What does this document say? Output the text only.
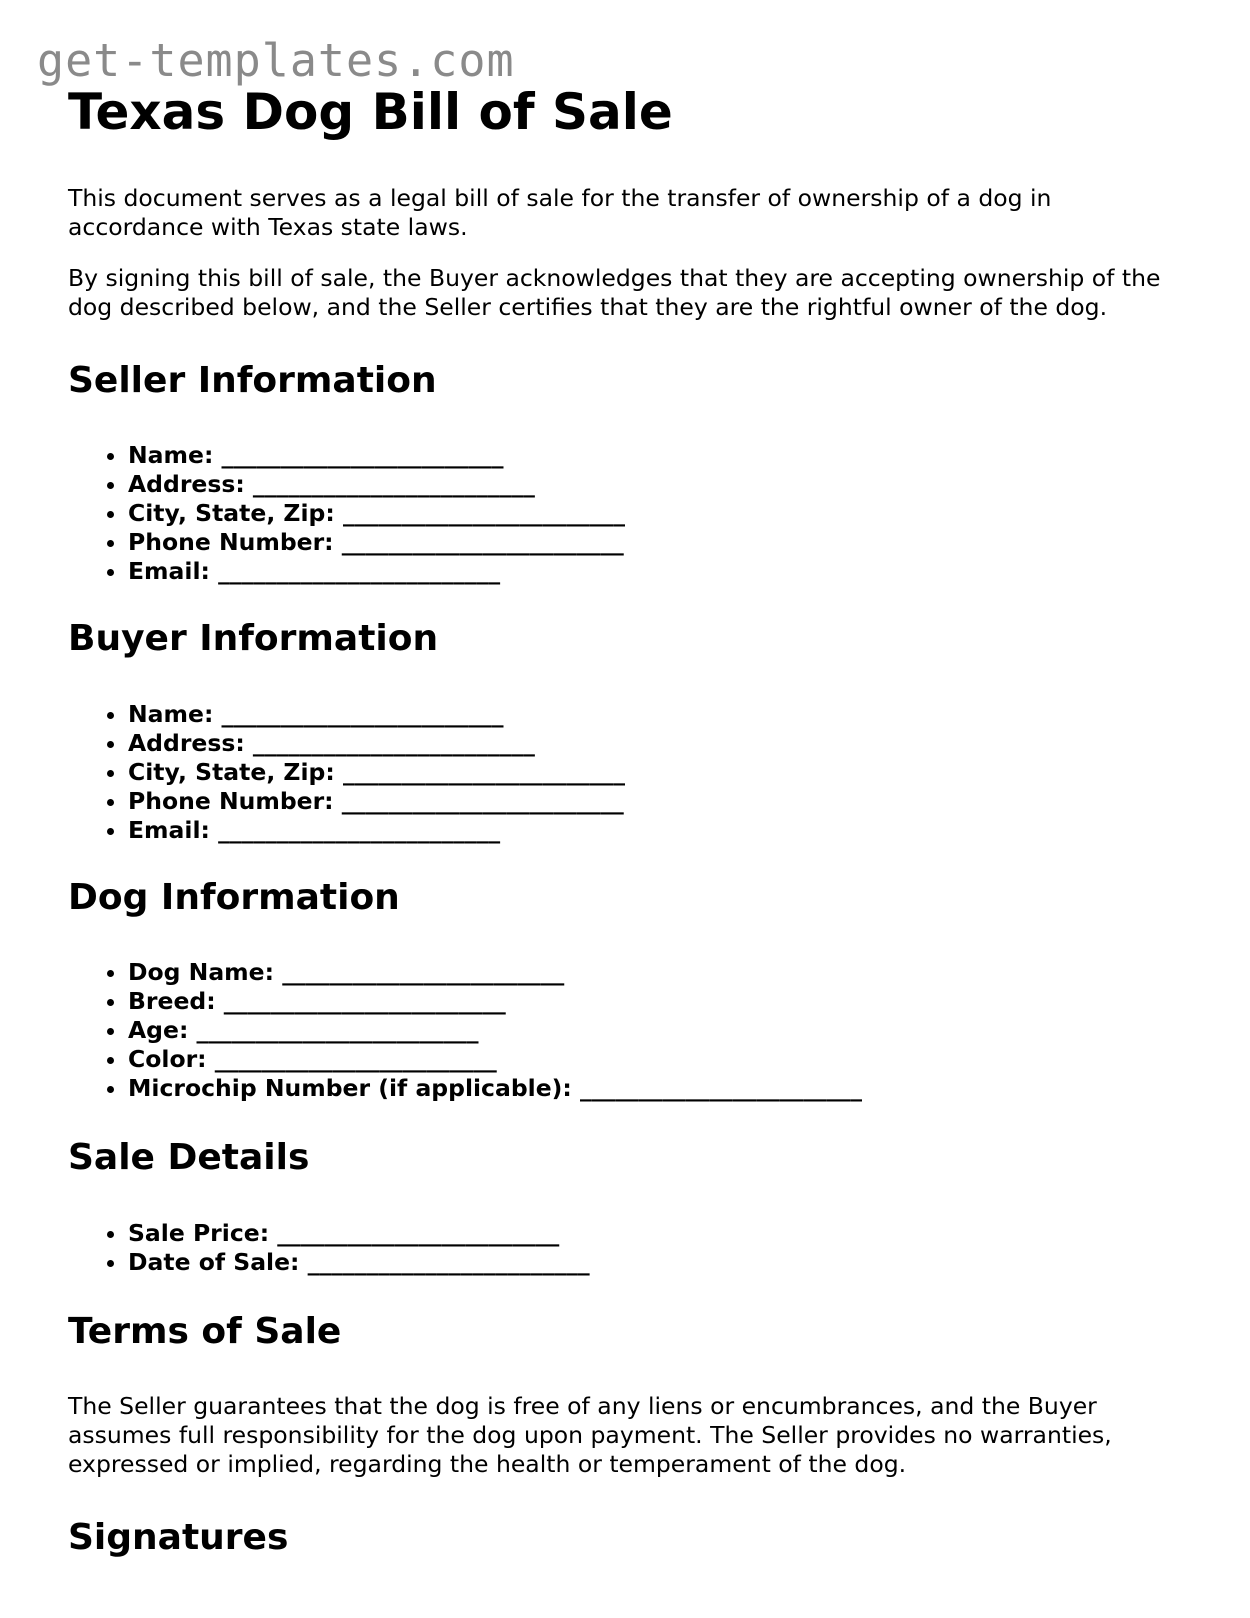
get-templates.com
Texas Dog Bill of Sale

This document serves as a legal bill of sale for the transfer of ownership of a dog in accordance with Texas state laws.

By signing this bill of sale, the Buyer acknowledges that they are accepting ownership of the dog described below, and the Seller certifies that they are the rightful owner of the dog.

Seller Information
• Name: ________________________
• Address: ________________________
• City, State, Zip: ________________________
• Phone Number: ________________________
• Email: ________________________
Buyer Information
• Name: ________________________
• Address: ________________________
• City, State, Zip: ________________________
• Phone Number: ________________________
• Email: ________________________
Dog Information
• Dog Name: ________________________
• Breed: ________________________
• Age: ________________________
• Color: ________________________
• Microchip Number (if applicable): ________________________
Sale Details
• Sale Price: ________________________
• Date of Sale: ________________________
Terms of Sale

The Seller guarantees that the dog is free of any liens or encumbrances, and the Buyer assumes full responsibility for the dog upon payment. The Seller provides no warranties, expressed or implied, regarding the health or temperament of the dog.

Signatures
